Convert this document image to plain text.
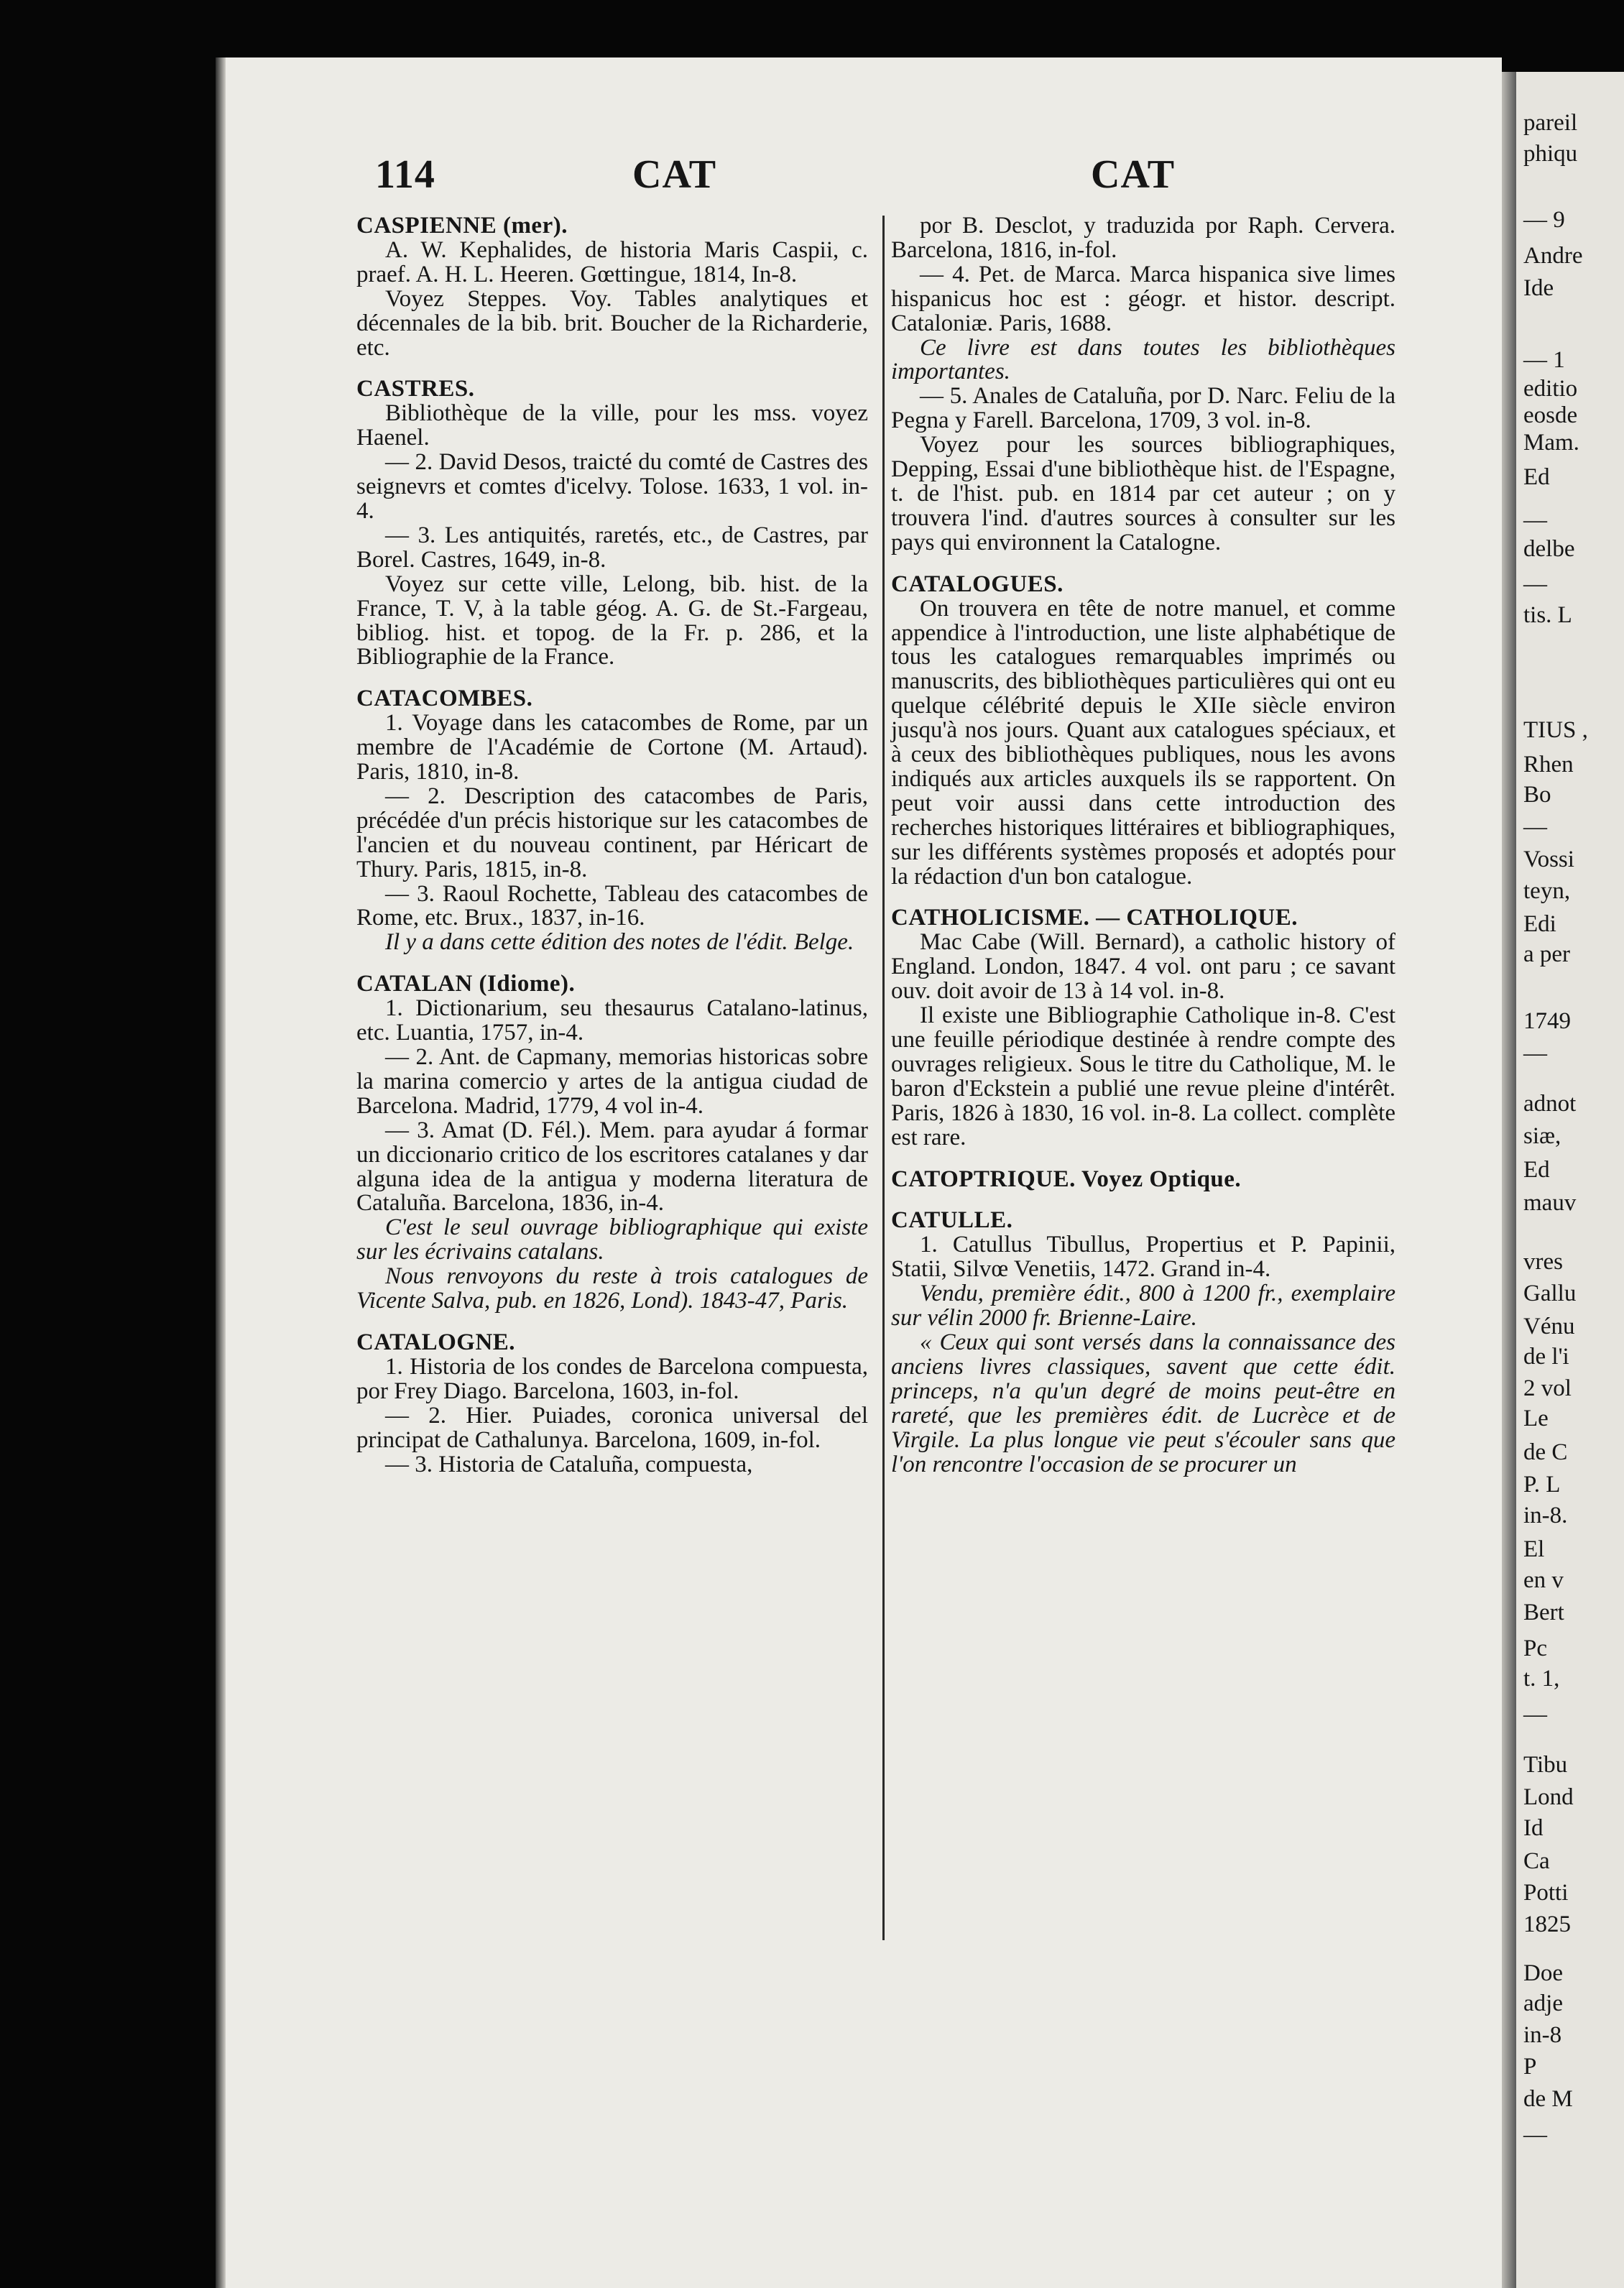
pareil
phiqu
— 9
Andre
Ide
— 1
editio
eosde
Mam.
Ed
—
delbe
—
tis. L
TIUS ,
Rhen
Bo
—
Vossi
teyn,
Edi
a per
1749
—
adnot
siæ,
Ed
mauv
vres
Gallu
Vénu
de l'i
2 vol
Le
de C
P. L
in-8.
El
en v
Bert
Pc
t. 1,
—
Tibu
Lond
Id
Ca
Potti
1825
Doe
adje
in-8
P
de M
—
114	CAT	CAT
CASPIENNE (mer).
A. W. Kephalides, de historia Maris Caspii, c. praef. A. H. L. Heeren. Gœttingue, 1814, In-8.
Voyez Steppes. Voy. Tables analytiques et décennales de la bib. brit. Boucher de la Richarderie, etc.
CASTRES.
Bibliothèque de la ville, pour les mss. voyez Haenel.
— 2. David Desos, traicté du comté de Castres des seignevrs et comtes d'icelvy. Tolose. 1633, 1 vol. in-4.
— 3. Les antiquités, raretés, etc., de Castres, par Borel. Castres, 1649, in-8.
Voyez sur cette ville, Lelong, bib. hist. de la France, T. V, à la table géog. A. G. de St.-Fargeau, bibliog. hist. et topog. de la Fr. p. 286, et la Bibliographie de la France.
CATACOMBES.
1. Voyage dans les catacombes de Rome, par un membre de l'Académie de Cortone (M. Artaud). Paris, 1810, in-8.
— 2. Description des catacombes de Paris, précédée d'un précis historique sur les catacombes de l'ancien et du nouveau continent, par Héricart de Thury. Paris, 1815, in-8.
— 3. Raoul Rochette, Tableau des catacombes de Rome, etc. Brux., 1837, in-16.
Il y a dans cette édition des notes de l'édit. Belge.
CATALAN (Idiome).
1. Dictionarium, seu thesaurus Catalano-latinus, etc. Luantia, 1757, in-4.
— 2. Ant. de Capmany, memorias historicas sobre la marina comercio y artes de la antigua ciudad de Barcelona. Madrid, 1779, 4 vol in-4.
— 3. Amat (D. Fél.). Mem. para ayudar á formar un diccionario critico de los escritores catalanes y dar alguna idea de la antigua y moderna literatura de Cataluña. Barcelona, 1836, in-4.
C'est le seul ouvrage bibliographique qui existe sur les écrivains catalans.
Nous renvoyons du reste à trois catalogues de Vicente Salva, pub. en 1826, Lond). 1843-47, Paris.
CATALOGNE.
1. Historia de los condes de Barcelona compuesta, por Frey Diago. Barcelona, 1603, in-fol.
— 2. Hier. Puiades, coronica universal del principat de Cathalunya. Barcelona, 1609, in-fol.
— 3. Historia de Cataluña, compuesta,
por B. Desclot, y traduzida por Raph. Cervera. Barcelona, 1816, in-fol.
— 4. Pet. de Marca. Marca hispanica sive limes hispanicus hoc est : géogr. et histor. descript. Cataloniæ. Paris, 1688.
Ce livre est dans toutes les bibliothèques importantes.
— 5. Anales de Cataluña, por D. Narc. Feliu de la Pegna y Farell. Barcelona, 1709, 3 vol. in-8.
Voyez pour les sources bibliographiques, Depping, Essai d'une bibliothèque hist. de l'Espagne, t. de l'hist. pub. en 1814 par cet auteur ; on y trouvera l'ind. d'autres sources à consulter sur les pays qui environnent la Catalogne.
CATALOGUES.
On trouvera en tête de notre manuel, et comme appendice à l'introduction, une liste alphabétique de tous les catalogues remarquables imprimés ou manuscrits, des bibliothèques particulières qui ont eu quelque célébrité depuis le XIIe siècle environ jusqu'à nos jours. Quant aux catalogues spéciaux, et à ceux des bibliothèques publiques, nous les avons indiqués aux articles auxquels ils se rapportent. On peut voir aussi dans cette introduction des recherches historiques littéraires et bibliographiques, sur les différents systèmes proposés et adoptés pour la rédaction d'un bon catalogue.
CATHOLICISME. — CATHOLIQUE.
Mac Cabe (Will. Bernard), a catholic history of England. London, 1847. 4 vol. ont paru ; ce savant ouv. doit avoir de 13 à 14 vol. in-8.
Il existe une Bibliographie Catholique in-8. C'est une feuille périodique destinée à rendre compte des ouvrages religieux. Sous le titre du Catholique, M. le baron d'Eckstein a publié une revue pleine d'intérêt. Paris, 1826 à 1830, 16 vol. in-8. La collect. complète est rare.
CATOPTRIQUE. Voyez Optique.
CATULLE.
1. Catullus Tibullus, Propertius et P. Papinii, Statii, Silvœ Venetiis, 1472. Grand in-4.
Vendu, première édit., 800 à 1200 fr., exemplaire sur vélin 2000 fr. Brienne-Laire.
« Ceux qui sont versés dans la connaissance des anciens livres classiques, savent que cette édit. princeps, n'a qu'un degré de moins peut-être en rareté, que les premières édit. de Lucrèce et de Virgile. La plus longue vie peut s'écouler sans que l'on rencontre l'occasion de se procurer un
